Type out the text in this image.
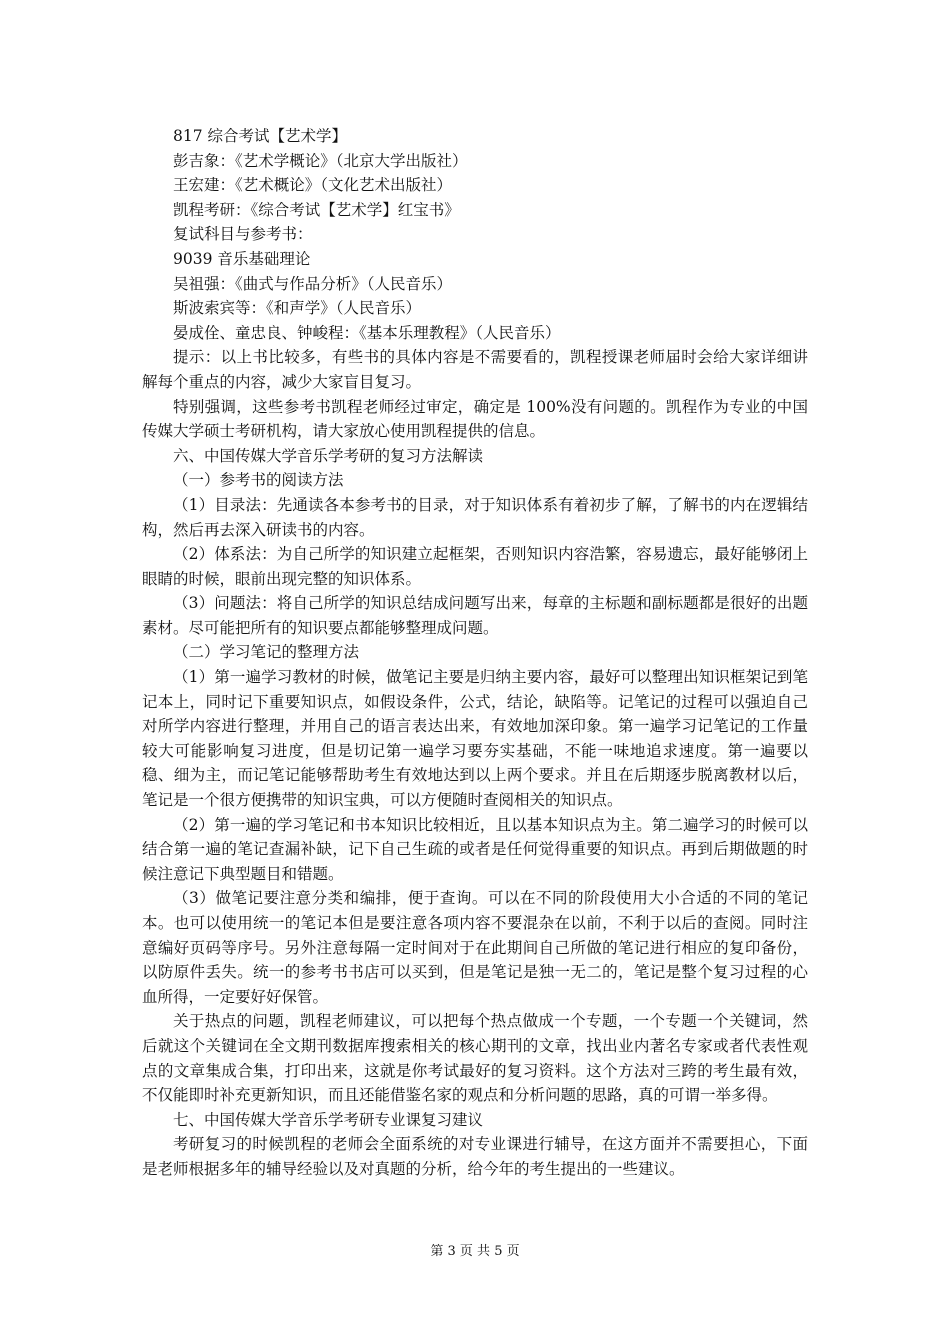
817 综合考试【艺术学】

彭吉象：《艺术学概论》（北京大学出版社）

王宏建：《艺术概论》（文化艺术出版社）

凯程考研：《综合考试【艺术学】红宝书》

复试科目与参考书：

9039 音乐基础理论

吴祖强：《曲式与作品分析》（人民音乐）

斯波索宾等：《和声学》（人民音乐）

晏成佺、童忠良、钟峻程：《基本乐理教程》（人民音乐）

提示：以上书比较多，有些书的具体内容是不需要看的，凯程授课老师届时会给大家详细讲解每个重点的内容，减少大家盲目复习。

特别强调，这些参考书凯程老师经过审定，确定是 100%没有问题的。凯程作为专业的中国传媒大学硕士考研机构，请大家放心使用凯程提供的信息。

六、中国传媒大学音乐学考研的复习方法解读

（一）参考书的阅读方法

（1）目录法：先通读各本参考书的目录，对于知识体系有着初步了解，了解书的内在逻辑结构，然后再去深入研读书的内容。

（2）体系法：为自己所学的知识建立起框架，否则知识内容浩繁，容易遗忘，最好能够闭上眼睛的时候，眼前出现完整的知识体系。

（3）问题法：将自己所学的知识总结成问题写出来，每章的主标题和副标题都是很好的出题素材。尽可能把所有的知识要点都能够整理成问题。

（二）学习笔记的整理方法

（1）第一遍学习教材的时候，做笔记主要是归纳主要内容，最好可以整理出知识框架记到笔记本上，同时记下重要知识点，如假设条件，公式，结论，缺陷等。记笔记的过程可以强迫自己对所学内容进行整理，并用自己的语言表达出来，有效地加深印象。第一遍学习记笔记的工作量较大可能影响复习进度，但是切记第一遍学习要夯实基础，不能一味地追求速度。第一遍要以稳、细为主，而记笔记能够帮助考生有效地达到以上两个要求。并且在后期逐步脱离教材以后，笔记是一个很方便携带的知识宝典，可以方便随时查阅相关的知识点。

（2）第一遍的学习笔记和书本知识比较相近，且以基本知识点为主。第二遍学习的时候可以结合第一遍的笔记查漏补缺，记下自己生疏的或者是任何觉得重要的知识点。再到后期做题的时候注意记下典型题目和错题。

（3）做笔记要注意分类和编排，便于查询。可以在不同的阶段使用大小合适的不同的笔记本。也可以使用统一的笔记本但是要注意各项内容不要混杂在以前，不利于以后的查阅。同时注意编好页码等序号。另外注意每隔一定时间对于在此期间自己所做的笔记进行相应的复印备份，以防原件丢失。统一的参考书书店可以买到，但是笔记是独一无二的，笔记是整个复习过程的心血所得，一定要好好保管。

关于热点的问题，凯程老师建议，可以把每个热点做成一个专题，一个专题一个关键词，然后就这个关键词在全文期刊数据库搜索相关的核心期刊的文章，找出业内著名专家或者代表性观点的文章集成合集，打印出来，这就是你考试最好的复习资料。这个方法对三跨的考生最有效，不仅能即时补充更新知识，而且还能借鉴名家的观点和分析问题的思路，真的可谓一举多得。

七、中国传媒大学音乐学考研专业课复习建议

考研复习的时候凯程的老师会全面系统的对专业课进行辅导，在这方面并不需要担心，下面是老师根据多年的辅导经验以及对真题的分析，给今年的考生提出的一些建议。

第 3 页 共 5 页
